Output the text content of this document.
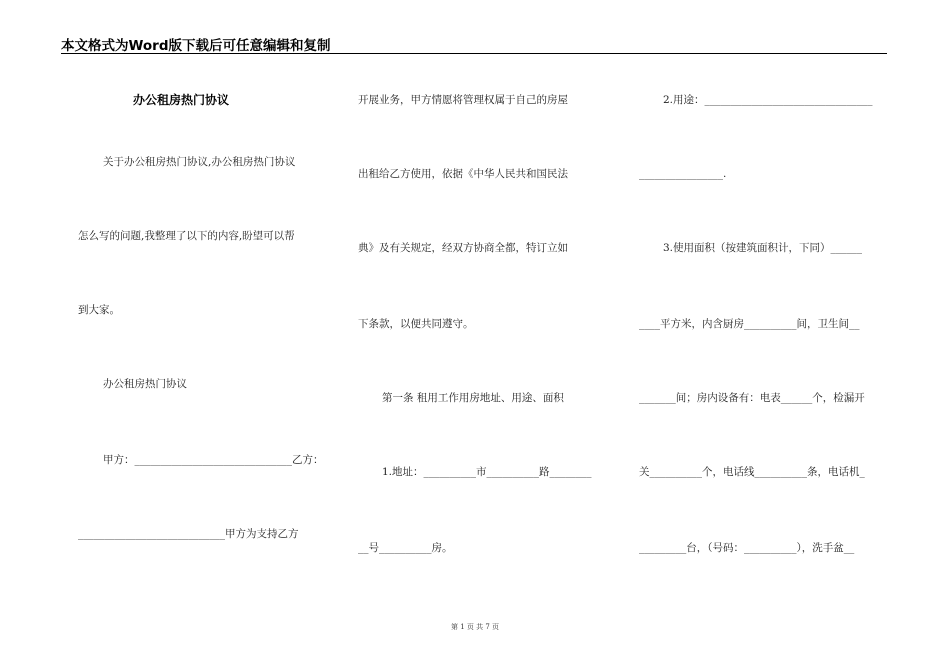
本文格式为Word版下载后可任意编辑和复制
办公租房热门协议
关于办公租房热门协议,办公租房热门协议
怎么写的问题,我整理了以下的内容,盼望可以帮
到大家。
办公租房热门协议
甲方：______________________________乙方：
____________________________甲方为支持乙方
开展业务，甲方情愿将管理权属于自己的房屋
出租给乙方使用，依据《中华人民共和国民法
典》及有关规定，经双方协商全都，特订立如
下条款，以便共同遵守。
第一条 租用工作用房地址、用途、面积
1.地址：__________市__________路________
__号__________房。
2.用途：________________________________
________________.
3.使用面积（按建筑面积计，下同）______
____平方米，内含厨房__________间，卫生间__
_______间；房内设备有：电表______个，检漏开
关__________个，电话线__________条，电话机_
_________台，（号码：__________），洗手盆__
第 1 页 共 7 页
